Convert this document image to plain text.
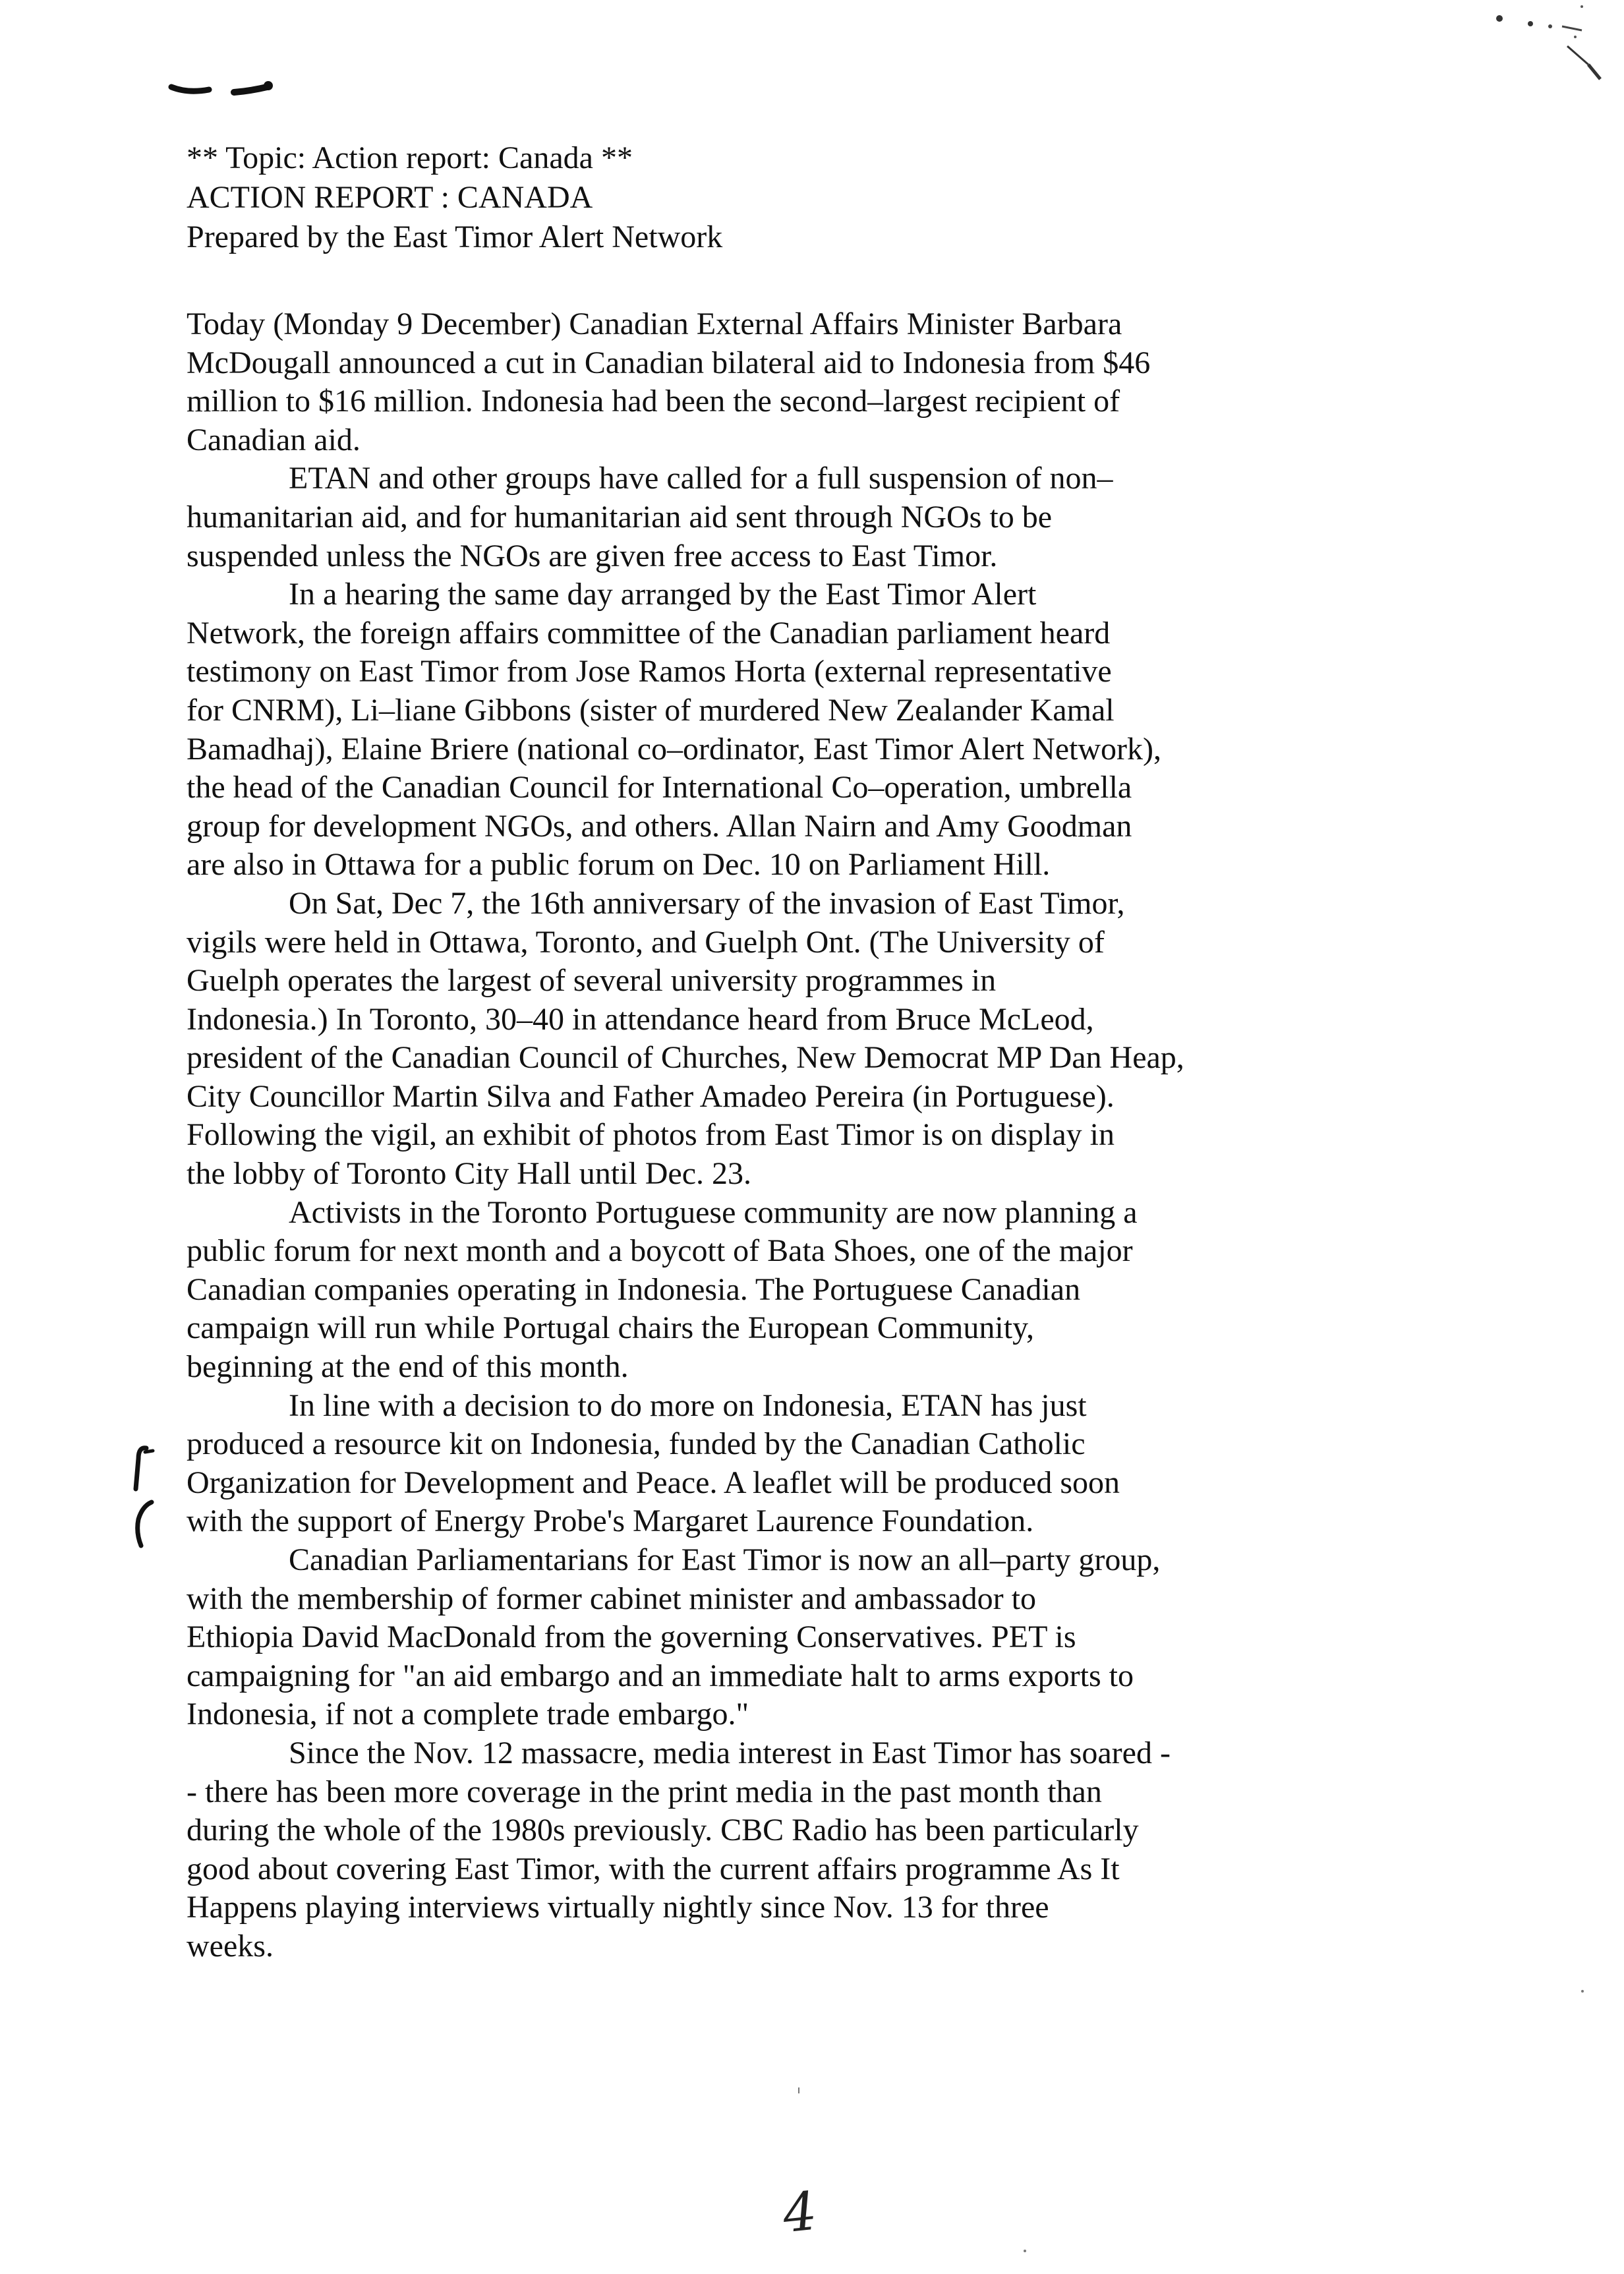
** Topic: Action report: Canada **
ACTION REPORT : CANADA
Prepared by the East Timor Alert Network
Today (Monday 9 December) Canadian External Affairs Minister Barbara
McDougall announced a cut in Canadian bilateral aid to Indonesia from $46
million to $16 million. Indonesia had been the second–largest recipient of
Canadian aid.
ETAN and other groups have called for a full suspension of non–
humanitarian aid, and for humanitarian aid sent through NGOs to be
suspended unless the NGOs are given free access to East Timor.
In a hearing the same day arranged by the East Timor Alert
Network, the foreign affairs committee of the Canadian parliament heard
testimony on East Timor from Jose Ramos Horta (external representative
for CNRM), Li–liane Gibbons (sister of murdered New Zealander Kamal
Bamadhaj), Elaine Briere (national co–ordinator, East Timor Alert Network),
the head of the Canadian Council for International Co–operation, umbrella
group for development NGOs, and others. Allan Nairn and Amy Goodman
are also in Ottawa for a public forum on Dec. 10 on Parliament Hill.
On Sat, Dec 7, the 16th anniversary of the invasion of East Timor,
vigils were held in Ottawa, Toronto, and Guelph Ont. (The University of
Guelph operates the largest of several university programmes in
Indonesia.) In Toronto, 30–40 in attendance heard from Bruce McLeod,
president of the Canadian Council of Churches, New Democrat MP Dan Heap,
City Councillor Martin Silva and Father Amadeo Pereira (in Portuguese).
Following the vigil, an exhibit of photos from East Timor is on display in
the lobby of Toronto City Hall until Dec. 23.
Activists in the Toronto Portuguese community are now planning a
public forum for next month and a boycott of Bata Shoes, one of the major
Canadian companies operating in Indonesia. The Portuguese Canadian
campaign will run while Portugal chairs the European Community,
beginning at the end of this month.
In line with a decision to do more on Indonesia, ETAN has just
produced a resource kit on Indonesia, funded by the Canadian Catholic
Organization for Development and Peace. A leaflet will be produced soon
with the support of Energy Probe's Margaret Laurence Foundation.
Canadian Parliamentarians for East Timor is now an all–party group,
with the membership of former cabinet minister and ambassador to
Ethiopia David MacDonald from the governing Conservatives. PET is
campaigning for "an aid embargo and an immediate halt to arms exports to
Indonesia, if not a complete trade embargo."
Since the Nov. 12 massacre, media interest in East Timor has soared -
- there has been more coverage in the print media in the past month than
during the whole of the 1980s previously. CBC Radio has been particularly
good about covering East Timor, with the current affairs programme As It
Happens playing interviews virtually nightly since Nov. 13 for three
weeks.
4
